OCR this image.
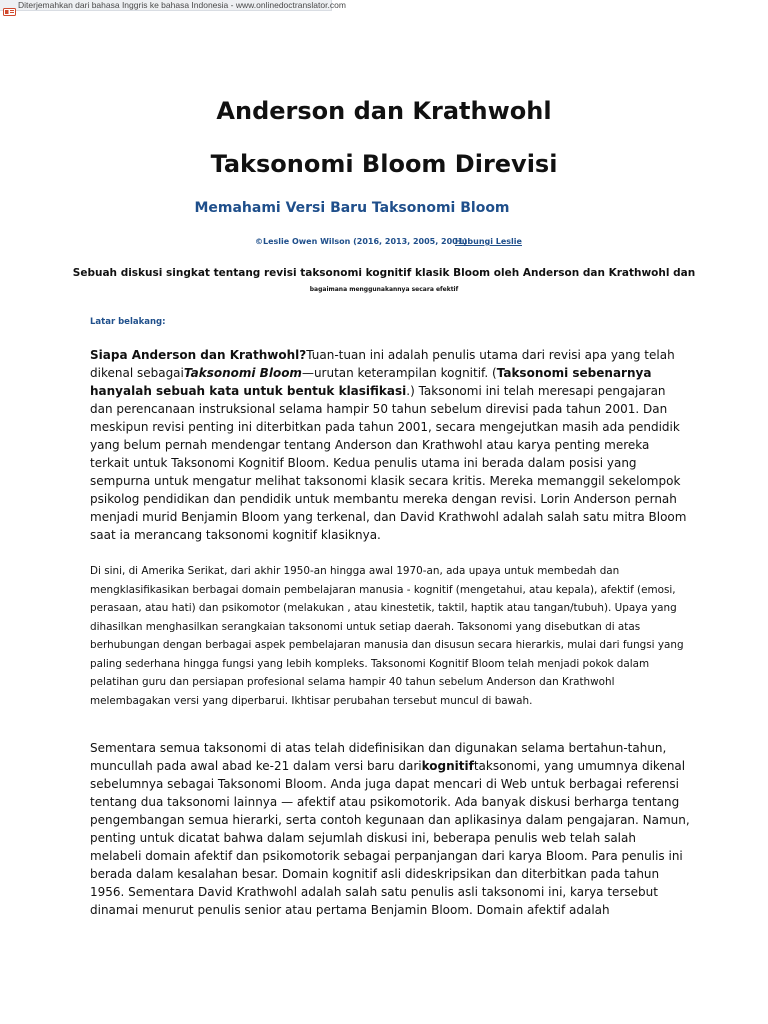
Diterjemahkan dari bahasa Inggris ke bahasa Indonesia - www.onlinedoctranslator.com
Anderson dan Krathwohl
Taksonomi Bloom Direvisi
Memahami Versi Baru Taksonomi Bloom
©Leslie Owen Wilson (2016, 2013, 2005, 2001)
Hubungi Leslie

Sebuah diskusi singkat tentang revisi taksonomi kognitif klasik Bloom oleh Anderson dan Krathwohl dan

bagaimana menggunakannya secara efektif

Latar belakang:

Siapa Anderson dan Krathwohl?Tuan-tuan ini adalah penulis utama dari revisi apa yang telah dikenal sebagaiTaksonomi Bloom—urutan keterampilan kognitif. (Taksonomi sebenarnya hanyalah sebuah kata untuk bentuk klasifikasi.) Taksonomi ini telah meresapi pengajaran dan perencanaan instruksional selama hampir 50 tahun sebelum direvisi pada tahun 2001. Dan meskipun revisi penting ini diterbitkan pada tahun 2001, secara mengejutkan masih ada pendidik yang belum pernah mendengar tentang Anderson dan Krathwohl atau karya penting mereka terkait untuk Taksonomi Kognitif Bloom. Kedua penulis utama ini berada dalam posisi yang sempurna untuk mengatur melihat taksonomi klasik secara kritis. Mereka memanggil sekelompok psikolog pendidikan dan pendidik untuk membantu mereka dengan revisi. Lorin Anderson pernah menjadi murid Benjamin Bloom yang terkenal, dan David Krathwohl adalah salah satu mitra Bloom saat ia merancang taksonomi kognitif klasiknya.

Di sini, di Amerika Serikat, dari akhir 1950-an hingga awal 1970-an, ada upaya untuk membedah dan mengklasifikasikan berbagai domain pembelajaran manusia - kognitif (mengetahui, atau kepala), afektif (emosi, perasaan, atau hati) dan psikomotor (melakukan , atau kinestetik, taktil, haptik atau tangan/tubuh). Upaya yang dihasilkan menghasilkan serangkaian taksonomi untuk setiap daerah. Taksonomi yang disebutkan di atas berhubungan dengan berbagai aspek pembelajaran manusia dan disusun secara hierarkis, mulai dari fungsi yang paling sederhana hingga fungsi yang lebih kompleks. Taksonomi Kognitif Bloom telah menjadi pokok dalam pelatihan guru dan persiapan profesional selama hampir 40 tahun sebelum Anderson dan Krathwohl melembagakan versi yang diperbarui. Ikhtisar perubahan tersebut muncul di bawah.

Sementara semua taksonomi di atas telah didefinisikan dan digunakan selama bertahun-tahun, muncullah pada awal abad ke-21 dalam versi baru darikognitiftaksonomi, yang umumnya dikenal sebelumnya sebagai Taksonomi Bloom. Anda juga dapat mencari di Web untuk berbagai referensi tentang dua taksonomi lainnya — afektif atau psikomotorik. Ada banyak diskusi berharga tentang pengembangan semua hierarki, serta contoh kegunaan dan aplikasinya dalam pengajaran. Namun, penting untuk dicatat bahwa dalam sejumlah diskusi ini, beberapa penulis web telah salah melabeli domain afektif dan psikomotorik sebagai perpanjangan dari karya Bloom. Para penulis ini berada dalam kesalahan besar. Domain kognitif asli dideskripsikan dan diterbitkan pada tahun 1956. Sementara David Krathwohl adalah salah satu penulis asli taksonomi ini, karya tersebut dinamai menurut penulis senior atau pertama Benjamin Bloom. Domain afektif adalah
